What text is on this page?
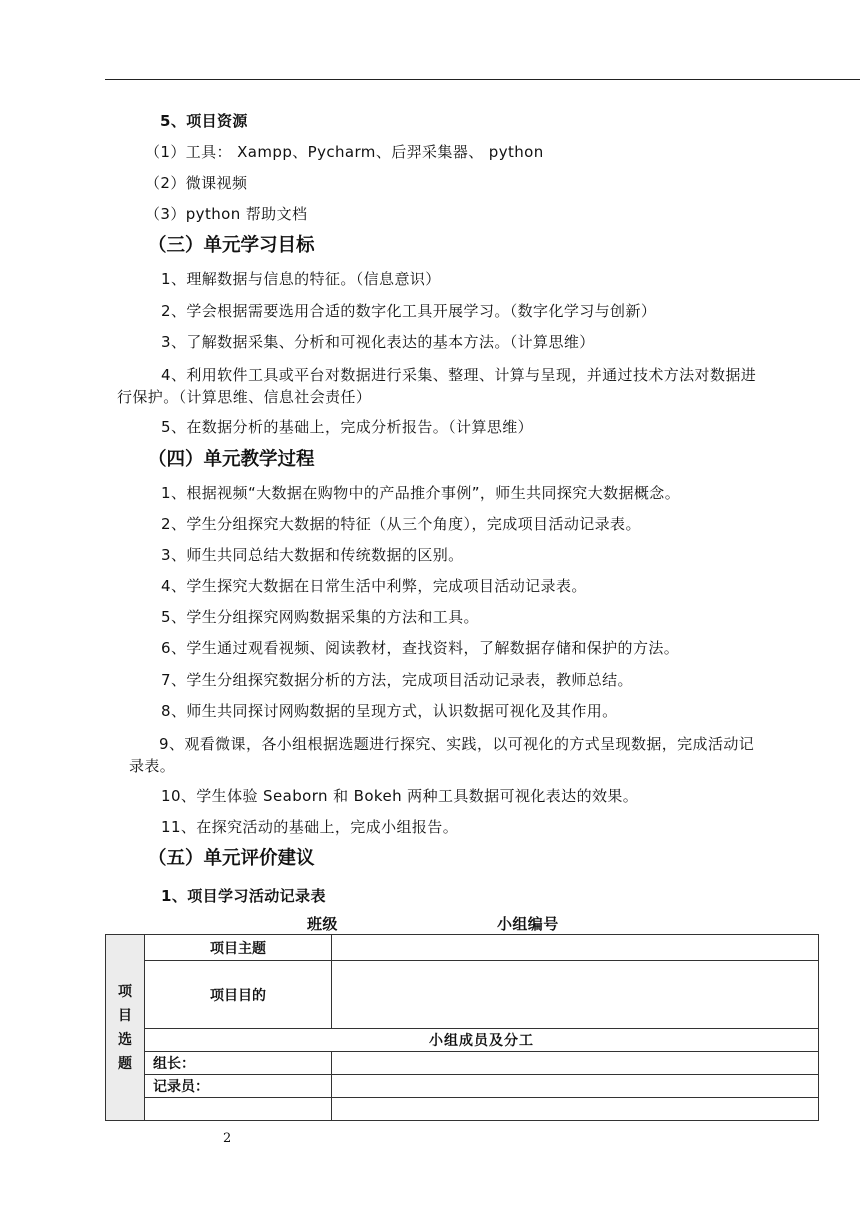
5、项目资源
（1）工具： Xampp、Pycharm、后羿采集器、 python
（2）微课视频
（3）python 帮助文档
（三）单元学习目标
1、理解数据与信息的特征。（信息意识）
2、学会根据需要选用合适的数字化工具开展学习。（数字化学习与创新）
3、了解数据采集、分析和可视化表达的基本方法。（计算思维）
4、利用软件工具或平台对数据进行采集、整理、计算与呈现，并通过技术方法对数据进行保护。（计算思维、信息社会责任）
5、在数据分析的基础上，完成分析报告。（计算思维）
（四）单元教学过程
1、根据视频“大数据在购物中的产品推介事例”，师生共同探究大数据概念。
2、学生分组探究大数据的特征（从三个角度），完成项目活动记录表。
3、师生共同总结大数据和传统数据的区别。
4、学生探究大数据在日常生活中利弊，完成项目活动记录表。
5、学生分组探究网购数据采集的方法和工具。
6、学生通过观看视频、阅读教材，查找资料，了解数据存储和保护的方法。
7、学生分组探究数据分析的方法，完成项目活动记录表，教师总结。
8、师生共同探讨网购数据的呈现方式，认识数据可视化及其作用。
9、观看微课，各小组根据选题进行探究、实践，以可视化的方式呈现数据，完成活动记录表。
10、学生体验 Seaborn 和 Bokeh 两种工具数据可视化表达的效果。
11、在探究活动的基础上，完成小组报告。
（五）单元评价建议
1、项目学习活动记录表
班级	小组编号
项目选题	项目主题	
	项目目的	
	小组成员及分工	
	组长：	
	记录员：	

2
